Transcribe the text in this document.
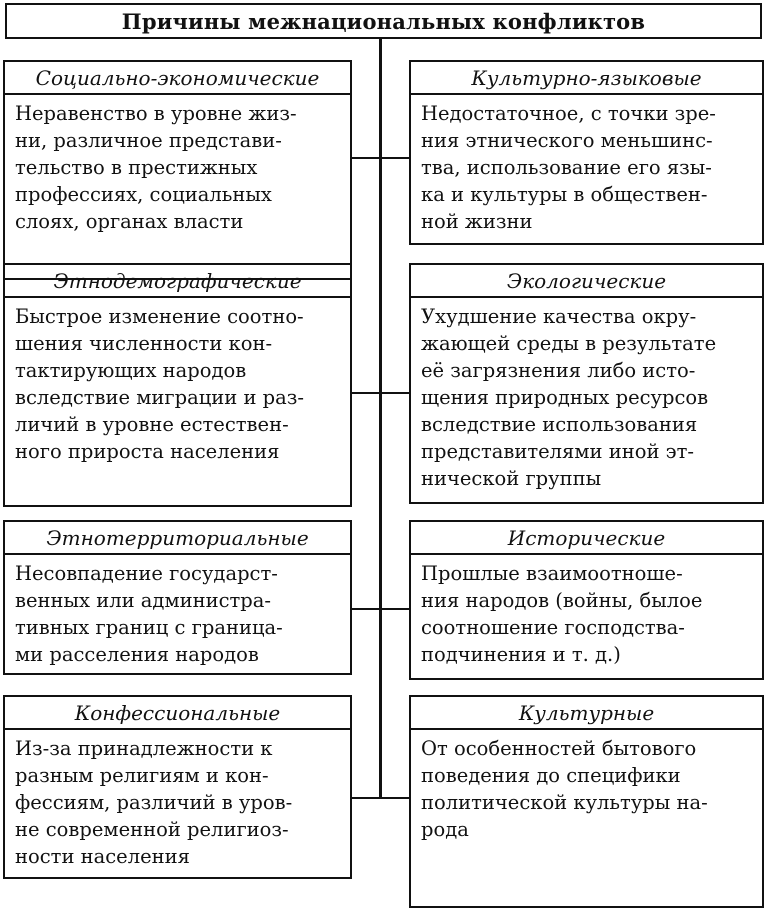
Причины межнациональных конфликтов
Социально-экономические
Неравенство в уровне жиз-
ни, различное представи-
тельство в престижных
профессиях, социальных
слоях, органах власти
Этнодемографические
Быстрое изменение соотно-
шения численности кон-
тактирующих народов
вследствие миграции и раз-
личий в уровне естествен-
ного прироста населения
Этнотерриториальные
Несовпадение государст-
венных или администра-
тивных границ с граница-
ми расселения народов
Конфессиональные
Из-за принадлежности к
разным религиям и кон-
фессиям, различий в уров-
не современной религиоз-
ности населения
Культурно-языковые
Недостаточное, с точки зре-
ния этнического меньшинс-
тва, использование его язы-
ка и культуры в обществен-
ной жизни
Экологические
Ухудшение качества окру-
жающей среды в результате
её загрязнения либо исто-
щения природных ресурсов
вследствие использования
представителями иной эт-
нической группы
Исторические
Прошлые взаимоотноше-
ния народов (войны, былое
соотношение господства-
подчинения и т. д.)
Культурные
От особенностей бытового
поведения до специфики
политической культуры на-
рода
